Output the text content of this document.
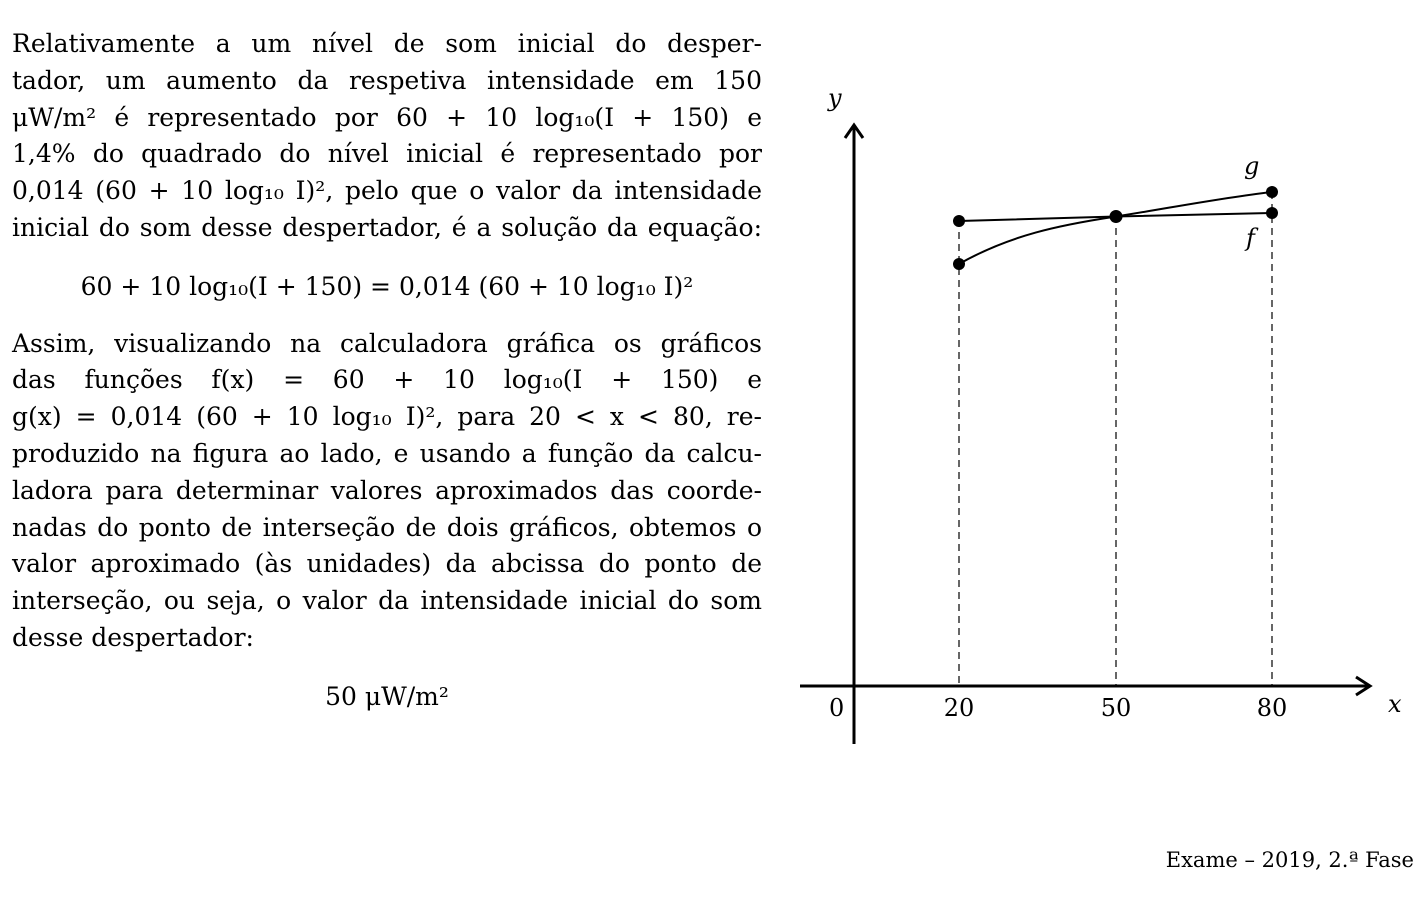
Relativamente a um nível de som inicial do desper-
tador, um aumento da respetiva intensidade em 150
μW/m² é representado por 60 + 10 log₁₀(I + 150) e
1,4% do quadrado do nível inicial é representado por
0,014 (60 + 10 log₁₀ I)², pelo que o valor da intensidade
inicial do som desse despertador, é a solução da equação:
60 + 10 log₁₀(I + 150) = 0,014 (60 + 10 log₁₀ I)²
Assim, visualizando na calculadora gráfica os gráficos
das funções f(x) = 60 + 10 log₁₀(I + 150) e
g(x) = 0,014 (60 + 10 log₁₀ I)², para 20 < x < 80, re-
produzido na figura ao lado, e usando a função da calcu-
ladora para determinar valores aproximados das coorde-
nadas do ponto de interseção de dois gráficos, obtemos o
valor aproximado (às unidades) da abcissa do ponto de
interseção, ou seja, o valor da intensidade inicial do som
desse despertador:
50 μW/m²
y
x
0	20	50	80
g
f
Exame – 2019, 2.ª Fase
